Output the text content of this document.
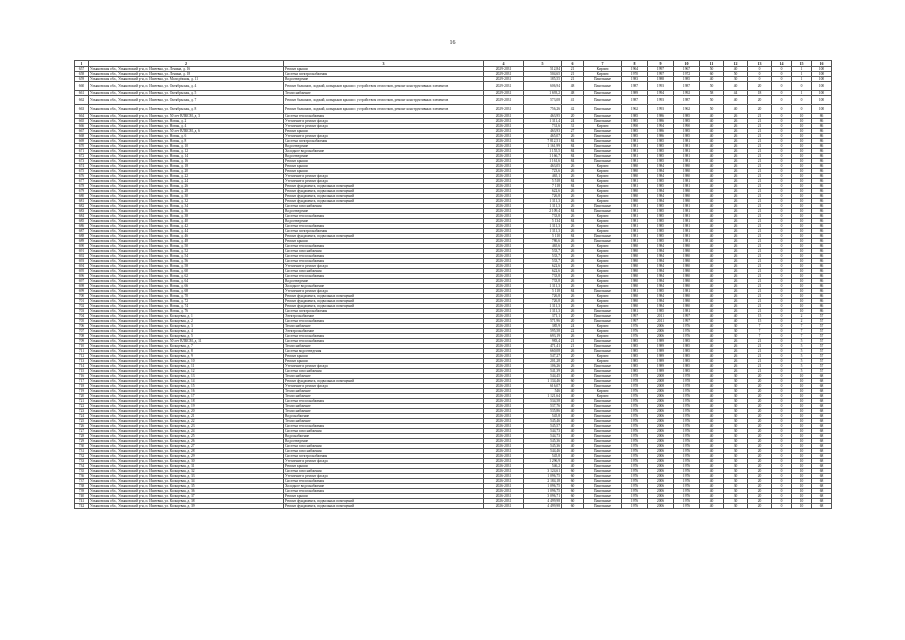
16
1	2	3	4	5	6	7	8	9	10	11	12	13	14	15	16
657	Ульяновская обл., Ульяновский р-н, п. Ишеевка, ул. Ленина, д. 16	Ремонт крыши	2029-2031	512,84	21	Кирпич	1964	1997	1967	50	40	0	0	1	100
658	Ульяновская обл., Ульяновский р-н, п. Ишеевка, ул. Ленина, д. 18	Система электроснабжения	2029-2031	504,65	21	Кирпич	1970	1997	1972	60	50	0	0	1	100
659	Ульяновская обл., Ульяновский р-н, п. Ишеевка, ул. Молодёжная, д. 11	Водоотведение	2029-2031	185,55	21	Панельные	1983	1988	1985	40	30	0	0	1	100
660	Ульяновская обл., Ульяновский р-н, п. Ишеевка, ул. Октябрьская, д. 4	Ремонт балконов, лоджий, козырьков крыши с устройством отмостков, ремонт конструктивных элементов	2029-2031	606,94	48	Панельные	1987	1993	1987	50	40	20	0	0	100
661	Ульяновская обл., Ульяновский р-н, п. Ишеевка, ул. Октябрьская, д. 5	Теплоснабжение	2029-2031	1 693,2	48	Панельные	1989	1994	1992	58	44	18	0	1	100
662	Ульяновская обл., Ульяновский р-н, п. Ишеевка, ул. Октябрьская, д. 7	Ремонт балконов, лоджий, козырьков крыши с устройством отмостков, ремонт конструктивных элементов	2029-2031	573,08	41	Панельные	1987	1993	1987	50	40	20	0	0	100
663	Ульяновская обл., Ульяновский р-н, п. Ишеевка, ул. Октябрьская, д. 8	Ремонт балконов, лоджий, козырьков крыши с устройством отмостков, ремонт конструктивных элементов	2029-2031	756,26	42	Панельные	1962	1993	1962	50	40	20	0	0	100
664	Ульяновская обл., Ульяновский р-н, п. Ишеевка, ул. 50 лет ВЛКСМ, д. 3	Система теплоснабжения	2026-2031	463,95	20	Панельные	1985	1986	1985	40	26	21	0	10	86
665	Ульяновская обл., Ульяновский р-н, п. Ишеевка, ул. Новая, д. 2	Утепление и ремонт фасада	2026-2031	1 311,4	24	Панельные	1985	1986	1985	40	26	21	0	10	86
666	Ульяновская обл., Ульяновский р-н, п. Ишеевка, ул. Новая, д. 4	Утепление и ремонт фасада	2026-2031	731,6	31	Кирпич	1990	1994	1990	40	26	21	0	10	86
667	Ульяновская обл., Ульяновский р-н, п. Ишеевка, ул. 50 лет ВЛКСМ, д. 6	Ремонт крыши	2026-2031	463,93	27	Панельные	1985	1986	1985	40	26	21	0	10	86
668	Ульяновская обл., Ульяновский р-н, п. Ишеевка, ул. Новая, д. 6	Утепление и ремонт фасада	2026-2031	465,07	26	Панельные	1985	1986	1985	40	26	21	0	10	86
669	Ульяновская обл., Ульяновский р-н, п. Ишеевка, ул. Новая, д. 8	Система электроснабжения	2026-2031	7 812,51	84	Панельные	1981	1985	1981	40	26	21	0	10	86
670	Ульяновская обл., Ульяновский р-н, п. Ишеевка, ул. Новая, д. 10	Водоотведение	2026-2031	1 161,99	84	Панельные	1981	1985	1981	40	26	21	0	10	86
671	Ульяновская обл., Ульяновский р-н, п. Ишеевка, ул. Новая, д. 12	Холодное водоснабжение	2026-2031	1 155,5	84	Панельные	1981	1985	1981	40	26	21	0	10	86
672	Ульяновская обл., Ульяновский р-н, п. Ишеевка, ул. Новая, д. 14	Водоотведение	2026-2031	1 166,7	84	Панельные	1981	1985	1981	40	26	21	0	10	86
673	Ульяновская обл., Ульяновский р-н, п. Ишеевка, ул. Новая, д. 16	Ремонт крыши	2026-2031	1 161,6	84	Панельные	1981	1985	1981	40	26	21	0	10	86
674	Ульяновская обл., Ульяновский р-н, п. Ишеевка, ул. Новая, д. 18	Ремонт крыши	2026-2031	463,05	26	Кирпич	1980	1984	1980	40	26	21	0	10	86
675	Ульяновская обл., Ульяновский р-н, п. Ишеевка, ул. Новая, д. 20	Ремонт крыши	2026-2031	723,6	26	Кирпич	1980	1984	1980	40	26	21	0	10	86
676	Ульяновская обл., Ульяновский р-н, п. Ишеевка, ул. Новая, д. 22	Утепление и ремонт фасада	2026-2031	465,1	26	Кирпич	1980	1984	1980	40	26	21	0	10	86
677	Ульяновская обл., Ульяновский р-н, п. Ишеевка, ул. Новая, д. 24	Утепление и ремонт фасада	2026-2031	5 518	84	Кирпич	1981	1985	1981	40	26	21	0	10	86
678	Ульяновская обл., Ульяновский р-н, п. Ишеевка, ул. Новая, д. 26	Ремонт фундамента, подвальных помещений	2026-2031	7 118	84	Кирпич	1981	1985	1981	40	26	21	0	10	86
679	Ульяновская обл., Ульяновский р-н, п. Ишеевка, ул. Новая, д. 28	Ремонт фундамента, подвальных помещений	2026-2031	622,6	26	Кирпич	1980	1984	1980	40	26	21	0	10	86
680	Ульяновская обл., Ульяновский р-н, п. Ишеевка, ул. Новая, д. 30	Ремонт фундамента, подвальных помещений	2026-2031	726,8	26	Кирпич	1980	1984	1980	40	26	21	0	10	86
681	Ульяновская обл., Ульяновский р-н, п. Ишеевка, ул. Новая, д. 32	Ремонт фундамента, подвальных помещений	2026-2031	1 311,3	26	Кирпич	1980	1984	1980	40	26	21	0	10	86
682	Ульяновская обл., Ульяновский р-н, п. Ишеевка, ул. Новая, д. 34	Система газоснабжения	2026-2031	1 311,3	26	Панельные	1981	1985	1981	40	26	21	0	10	86
683	Ульяновская обл., Ульяновский р-н, п. Ишеевка, ул. Новая, д. 36	Водоотведение	2026-2031	2 109,4	84	Панельные	1981	1985	1981	40	26	21	0	10	86
684	Ульяновская обл., Ульяновский р-н, п. Ишеевка, ул. Новая, д. 38	Система теплоснабжения	2026-2031	733,8	26	Кирпич	1981	1985	1981	40	26	21	0	10	86
685	Ульяновская обл., Ульяновский р-н, п. Ишеевка, ул. Новая, д. 40	Водоотведение	2026-2031	5 134	84	Кирпич	1981	1985	1981	40	26	21	0	10	86
686	Ульяновская обл., Ульяновский р-н, п. Ишеевка, ул. Новая, д. 42	Система теплоснабжения	2026-2031	1 311,3	26	Кирпич	1981	1985	1981	40	26	21	0	10	86
687	Ульяновская обл., Ульяновский р-н, п. Ишеевка, ул. Новая, д. 44	Система электроснабжения	2026-2031	1 311,3	26	Кирпич	1981	1985	1981	40	26	21	0	10	86
688	Ульяновская обл., Ульяновский р-н, п. Ишеевка, ул. Новая, д. 46	Ремонт фундамента, подвальных помещений	2026-2031	5 110	84	Панельные	1981	1985	1981	40	26	21	0	10	86
689	Ульяновская обл., Ульяновский р-н, п. Ишеевка, ул. Новая, д. 48	Ремонт крыши	2026-2031	786,6	26	Панельные	1981	1985	1981	40	26	21	0	10	86
690	Ульяновская обл., Ульяновский р-н, п. Ишеевка, ул. Новая, д. 50	Система теплоснабжения	2026-2031	465,6	26	Кирпич	1980	1984	1980	40	26	21	0	10	86
691	Ульяновская обл., Ульяновский р-н, п. Ишеевка, ул. Новая, д. 52	Система газоснабжения	2026-2031	533,7	26	Кирпич	1980	1984	1980	40	26	21	0	10	86
692	Ульяновская обл., Ульяновский р-н, п. Ишеевка, ул. Новая, д. 54	Система теплоснабжения	2026-2031	533,7	26	Кирпич	1980	1984	1980	40	26	21	0	10	86
693	Ульяновская обл., Ульяновский р-н, п. Ишеевка, ул. Новая, д. 56	Система теплоснабжения	2026-2031	533,7	26	Кирпич	1980	1984	1980	40	26	21	0	10	86
694	Ульяновская обл., Ульяновский р-н, п. Ишеевка, ул. Новая, д. 58	Утепление и ремонт фасада	2026-2031	622,6	26	Кирпич	1980	1984	1980	40	26	21	0	10	86
695	Ульяновская обл., Ульяновский р-н, п. Ишеевка, ул. Новая, д. 60	Система газоснабжения	2026-2031	622,6	26	Кирпич	1980	1984	1980	40	26	21	0	10	86
696	Ульяновская обл., Ульяновский р-н, п. Ишеевка, ул. Новая, д. 62	Система теплоснабжения	2026-2031	733,8	26	Кирпич	1980	1984	1980	40	26	21	0	10	86
697	Ульяновская обл., Ульяновский р-н, п. Ишеевка, ул. Новая, д. 64	Водоотведение	2026-2031	733,8	26	Кирпич	1980	1984	1980	40	26	21	0	10	86
698	Ульяновская обл., Ульяновский р-н, п. Ишеевка, ул. Новая, д. 66	Холодное водоснабжение	2026-2031	1 311,3	26	Кирпич	1980	1984	1980	40	26	21	0	10	86
699	Ульяновская обл., Ульяновский р-н, п. Ишеевка, ул. Новая, д. 68	Утепление и ремонт фасада	2026-2031	5 118	84	Панельные	1981	1985	1981	40	26	21	0	10	86
700	Ульяновская обл., Ульяновский р-н, п. Ишеевка, ул. Новая, д. 70	Ремонт фундамента, подвальных помещений	2026-2031	726,8	26	Кирпич	1980	1984	1980	40	26	21	0	10	86
701	Ульяновская обл., Ульяновский р-н, п. Ишеевка, ул. Новая, д. 72	Ремонт фундамента, подвальных помещений	2026-2031	726,8	26	Кирпич	1980	1984	1980	40	26	21	0	10	86
702	Ульяновская обл., Ульяновский р-н, п. Ишеевка, ул. Новая, д. 74	Ремонт фундамента, подвальных помещений	2026-2031	1 311,3	26	Кирпич	1980	1984	1980	40	26	21	0	10	86
703	Ульяновская обл., Ульяновский р-н, п. Ишеевка, ул. Новая, д. 76	Система электроснабжения	2026-2031	1 311,3	26	Панельные	1981	1985	1981	40	26	21	0	10	86
704	Ульяновская обл., Ульяновский р-н, п. Ишеевка, ул. Кольцевая, д. 1	Электроснабжение	2026-2031	371,1	20	Панельные	1997	2011	1997	40	40	15	0	2	57
705	Ульяновская обл., Ульяновский р-н, п. Ишеевка, ул. Кольцевая, д. 2	Система теплоснабжения	2026-2031	571,96	20	Панельные	1997	2011	1997	40	40	15	0	2	57
706	Ульяновская обл., Ульяновский р-н, п. Ишеевка, ул. Кольцевая, д. 3	Теплоснабжение	2026-2031	385,9	24	Кирпич	1976	2006	1976	40	30	7	0	7	57
707	Ульяновская обл., Ульяновский р-н, п. Ишеевка, ул. Кольцевая, д. 4	Электроснабжение	2026-2031	595,58	22	Кирпич	1976	2006	1976	40	30	7	0	7	57
708	Ульяновская обл., Ульяновский р-н, п. Ишеевка, ул. Кольцевая, д. 5	Система теплоснабжения	2026-2031	693,19	26	Кирпич	1976	2006	1976	40	30	7	0	7	57
709	Ульяновская обл., Ульяновский р-н, п. Ишеевка, ул. 50 лет ВЛКСМ, д. 11	Система теплоснабжения	2026-2031	983,4	21	Панельные	1985	1989	1985	40	26	21	0	5	57
710	Ульяновская обл., Ульяновский р-н, п. Ишеевка, ул. Кольцевая, д. 7	Теплоснабжение	2026-2031	471,41	21	Панельные	1985	1989	1985	40	26	21	0	5	57
711	Ульяновская обл., Ульяновский р-н, п. Ишеевка, ул. Кольцевая, д. 8	Система водоотведения	2026-2031	660,08	26	Панельные	1985	1989	1985	40	26	21	0	5	57
712	Ульяновская обл., Ульяновский р-н, п. Ишеевка, ул. Кольцевая, д. 9	Ремонт крыши	2026-2031	547,27	20	Кирпич	1985	1989	1985	40	26	21	0	5	57
713	Ульяновская обл., Ульяновский р-н, п. Ишеевка, ул. Кольцевая, д. 10	Ремонт крыши	2026-2031	201,28	20	Кирпич	1985	1989	1985	40	26	21	0	5	57
714	Ульяновская обл., Ульяновский р-н, п. Ишеевка, ул. Кольцевая, д. 11	Утепление и ремонт фасада	2026-2031	106,26	26	Панельные	1985	1989	1985	40	26	21	0	5	57
715	Ульяновская обл., Ульяновский р-н, п. Ишеевка, ул. Кольцевая, д. 12	Система газоснабжения	2026-2031	541,39	26	Панельные	1985	1989	1985	40	26	21	0	5	57
716	Ульяновская обл., Ульяновский р-н, п. Ишеевка, ул. Кольцевая, д. 13	Теплоснабжение	2026-2031	544,45	40	Панельные	1978	2008	1978	40	30	20	0	10	68
717	Ульяновская обл., Ульяновский р-н, п. Ишеевка, ул. Кольцевая, д. 14	Ремонт фундамента, подвальных помещений	2026-2031	1 134,46	60	Панельные	1978	2008	1978	40	30	20	0	10	68
718	Ульяновская обл., Ульяновский р-н, п. Ишеевка, ул. Кольцевая, д. 15	Утепление и ремонт фасада	2026-2031	616,07	40	Панельные	1978	2008	1978	40	30	20	0	10	68
719	Ульяновская обл., Ульяновский р-н, п. Ишеевка, ул. Кольцевая, д. 16	Теплоснабжение	2026-2031	546	40	Кирпич	1976	2006	1976	40	30	20	0	10	68
720	Ульяновская обл., Ульяновский р-н, п. Ишеевка, ул. Кольцевая, д. 17	Теплоснабжение	2026-2031	1 121,64	40	Кирпич	1976	2006	1976	40	30	20	0	10	68
721	Ульяновская обл., Ульяновский р-н, п. Ишеевка, ул. Кольцевая, д. 18	Система теплоснабжения	2026-2031	534,58	40	Панельные	1976	2006	1976	40	30	20	0	10	68
722	Ульяновская обл., Ульяновский р-н, п. Ишеевка, ул. Кольцевая, д. 19	Теплоснабжение	2026-2031	537,76	40	Панельные	1976	2006	1976	40	30	20	0	10	68
723	Ульяновская обл., Ульяновский р-н, п. Ишеевка, ул. Кольцевая, д. 20	Теплоснабжение	2026-2031	535,86	40	Панельные	1976	2006	1976	40	30	20	0	10	68
724	Ульяновская обл., Ульяновский р-н, п. Ишеевка, ул. Кольцевая, д. 21	Водоснабжение	2026-2031	545,8	40	Панельные	1976	2006	1976	40	30	20	0	10	68
725	Ульяновская обл., Ульяновский р-н, п. Ишеевка, ул. Кольцевая, д. 22	Теплоснабжение	2026-2031	545,46	40	Панельные	1976	2006	1976	40	30	20	0	10	68
726	Ульяновская обл., Ульяновский р-н, п. Ишеевка, ул. Кольцевая, д. 23	Система теплоснабжения	2026-2031	545,57	40	Панельные	1976	2006	1976	40	30	20	0	10	68
727	Ульяновская обл., Ульяновский р-н, п. Ишеевка, ул. Кольцевая, д. 24	Система газоснабжения	2026-2031	544,73	40	Панельные	1976	2006	1976	40	30	20	0	10	68
728	Ульяновская обл., Ульяновский р-н, п. Ишеевка, ул. Кольцевая, д. 25	Водоснабжение	2026-2031	544,73	40	Панельные	1976	2006	1976	40	30	20	0	10	68
729	Ульяновская обл., Ульяновский р-н, п. Ишеевка, ул. Кольцевая, д. 26	Водоотведение	2026-2031	545,36	40	Панельные	1976	2006	1976	40	30	20	0	10	68
730	Ульяновская обл., Ульяновский р-н, п. Ишеевка, ул. Кольцевая, д. 27	Система газоснабжения	2026-2031	545,36	40	Панельные	1976	2006	1976	40	30	20	0	10	68
731	Ульяновская обл., Ульяновский р-н, п. Ишеевка, ул. Кольцевая, д. 28	Система газоснабжения	2026-2031	544,46	40	Панельные	1976	2006	1976	40	30	20	0	10	68
732	Ульяновская обл., Ульяновский р-н, п. Ишеевка, ул. Кольцевая, д. 29	Система электроснабжения	2026-2031	545,8	40	Панельные	1976	2006	1976	40	30	20	0	10	68
733	Ульяновская обл., Ульяновский р-н, п. Ишеевка, ул. Кольцевая, д. 30	Утепление и ремонт фасада	2026-2031	1 296,9	40	Панельные	1976	2006	1976	40	30	20	0	10	68
734	Ульяновская обл., Ульяновский р-н, п. Ишеевка, ул. Кольцевая, д. 31	Ремонт крыши	2026-2031	546,2	40	Панельные	1976	2006	1976	40	30	20	0	10	68
735	Ульяновская обл., Ульяновский р-н, п. Ишеевка, ул. Кольцевая, д. 32	Система газоснабжения	2026-2031	3 124,61	60	Панельные	1976	2006	1976	40	30	20	0	10	68
736	Ульяновская обл., Ульяновский р-н, п. Ишеевка, ул. Кольцевая, д. 33	Утепление и ремонт фасада	2026-2031	1 096,75	60	Панельные	1976	2006	1976	40	30	20	0	10	68
737	Ульяновская обл., Ульяновский р-н, п. Ишеевка, ул. Кольцевая, д. 34	Система теплоснабжения	2026-2031	2 184,18	60	Панельные	1976	2006	1976	40	30	20	0	10	68
738	Ульяновская обл., Ульяновский р-н, п. Ишеевка, ул. Кольцевая, д. 35	Холодное водоснабжение	2026-2031	1 096,75	60	Панельные	1976	2006	1976	40	30	20	0	10	68
739	Ульяновская обл., Ульяновский р-н, п. Ишеевка, ул. Кольцевая, д. 36	Система теплоснабжения	2026-2031	1 096,75	60	Панельные	1976	2006	1976	40	30	20	0	10	68
740	Ульяновская обл., Ульяновский р-н, п. Ишеевка, ул. Кольцевая, д. 37	Ремонт крыши	2026-2031	3 096,71	60	Панельные	1976	2006	1976	40	30	20	0	10	68
741	Ульяновская обл., Ульяновский р-н, п. Ишеевка, ул. Кольцевая, д. 38	Ремонт фундамента, подвальных помещений	2026-2031	4 499,98	60	Панельные	1976	2006	1976	40	30	20	0	10	68
742	Ульяновская обл., Ульяновский р-н, п. Ишеевка, ул. Кольцевая, д. 39	Ремонт фундамента, подвальных помещений	2026-2031	4 499,98	60	Панельные	1976	2006	1976	40	30	20	0	10	68
